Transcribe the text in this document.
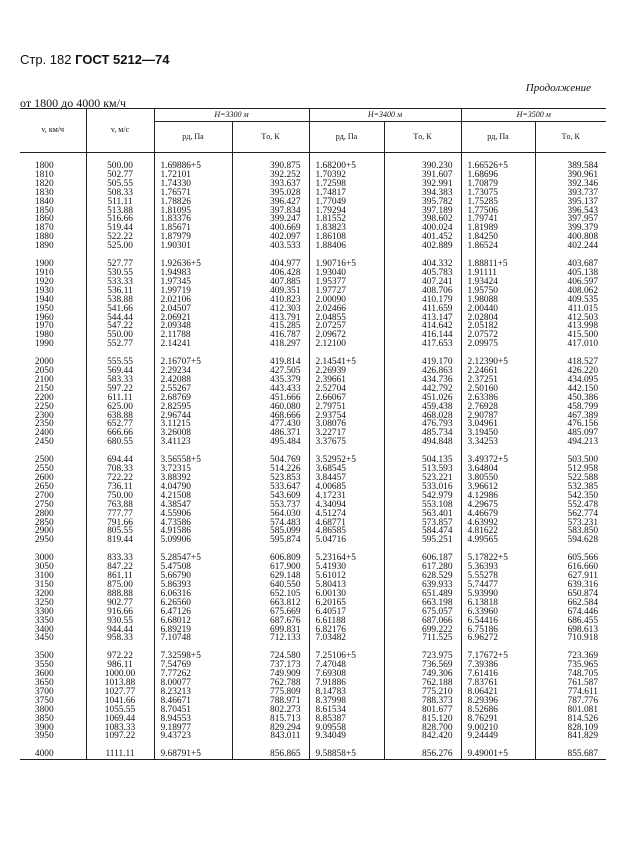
Стр. 182 ГОСТ 5212—74
Продолжение
от 1800 до 4000 км/ч
v, км/ч	v, м/с	H=3300 м		H=3400 м		H=3500 м	
		pд, Па	Tо, К	pд, Па	Tо, К	pд, Па	Tо, К

1800	500.00	1.69886+5	390.875	1.68200+5	390.230	1.66526+5	389.584
1810	502.77	1.72101	392.252	1.70392	391.607	1.68696	390.961
1820	505.55	1.74330	393.637	1.72598	392.991	1.70879	392.346
1830	508.33	1.76571	395.028	1.74817	394.383	1.73075	393.737
1840	511.11	1.78826	396.427	1.77049	395.782	1.75285	395.137
1850	513.88	1.81095	397.834	1.79294	397.189	1.77506	396.543
1860	516.66	1.83376	399.247	1.81552	398.602	1.79741	397.957
1870	519.44	1.85671	400.669	1.83823	400.024	1.81989	399.379
1880	522.22	1.87979	402.097	1.86108	401.452	1.84250	400.808
1890	525.00	1.90301	403.533	1.88406	402.889	1.86524	402.244

1900	527.77	1.92636+5	404.977	1.90716+5	404.332	1.88811+5	403.687
1910	530.55	1.94983	406.428	1.93040	405.783	1.91111	405.138
1920	533.33	1.97345	407.885	1.95377	407.241	1.93424	406.597
1930	536.11	1.99719	409.351	1.97727	408.706	1.95750	408.062
1940	538.88	2.02106	410.823	2.00090	410.179	1.98088	409.535
1950	541.66	2.04507	412.303	2.02466	411.659	2.00440	411.015
1960	544.44	2.06921	413.791	2.04855	413.147	2.02804	412.503
1970	547.22	2.09348	415.285	2.07257	414.642	2.05182	413.998
1980	550.00	2.11788	416.787	2.09672	416.144	2.07572	415.500
1990	552.77	2.14241	418.297	2.12100	417.653	2.09975	417.010

2000	555.55	2.16707+5	419.814	2.14541+5	419.170	2.12390+5	418.527
2050	569.44	2.29234	427.505	2.26939	426.863	2.24661	426.220
2100	583.33	2.42088	435.379	2.39661	434.736	2.37251	434.095
2150	597.22	2.55267	443.433	2.52704	442.792	2.50160	442.150
2200	611.11	2.68769	451.666	2.66067	451.026	2.63386	450.386
2250	625.00	2.82595	460.080	2.79751	459.438	2.76928	458.799
2300	638.88	2.96744	468.666	2.93754	468.028	2.90787	467.389
2350	652.77	3.11215	477.430	3.08076	476.793	3.04961	476.156
2400	666.66	3.26008	486.371	3.22717	485.734	3.19450	485.097
2450	680.55	3.41123	495.484	3.37675	494.848	3.34253	494.213

2500	694.44	3.56558+5	504.769	3.52952+5	504.135	3.49372+5	503.500
2550	708.33	3.72315	514.226	3.68545	513.593	3.64804	512.958
2600	722.22	3.88392	523.853	3.84457	523.221	3.80550	522.588
2650	736.11	4.04790	533.647	4.00685	533.016	3.96612	532.385
2700	750.00	4.21508	543.609	4.17231	542.979	4.12986	542.350
2750	763.88	4.38547	553.737	4.34094	553.108	4.29675	552.478
2800	777.77	4.55906	564.030	4.51274	563.401	4.46679	562.774
2850	791.66	4.73586	574.483	4.68771	573.857	4.63992	573.231
2900	805.55	4.91586	585.099	4.86585	584.474	4.81622	583.850
2950	819.44	5.09906	595.874	5.04716	595.251	4.99565	594.628

3000	833.33	5.28547+5	606.809	5.23164+5	606.187	5.17822+5	605.566
3050	847.22	5.47508	617.900	5.41930	617.280	5.36393	616.660
3100	861.11	5.66790	629.148	5.61012	628.529	5.55278	627.911
3150	875.00	5.86393	640.550	5.80413	639.933	5.74477	639.316
3200	888.88	6.06316	652.105	6.00130	651.489	5.93990	650.874
3250	902.77	6.26560	663.812	6.20165	663.198	6.13818	662.584
3300	916.66	6.47126	675.669	6.40517	675.057	6.33960	674.446
3350	930.55	6.68012	687.676	6.61188	687.066	6.54416	686.455
3400	944.44	6.89219	699.831	6.82176	699.222	6.75186	698.613
3450	958.33	7.10748	712.133	7.03482	711.525	6.96272	710.918

3500	972.22	7.32598+5	724.580	7.25106+5	723.975	7.17672+5	723.369
3550	986.11	7.54769	737.173	7.47048	736.569	7.39386	735.965
3600	1000.00	7.77262	749.909	7.69308	749.306	7.61416	748.705
3650	1013.88	8.00077	762.788	7.91886	762.188	7.83761	761.587
3700	1027.77	8.23213	775.809	8.14783	775.210	8.06421	774.611
3750	1041.66	8.46671	788.971	8.37998	788.373	8.29396	787.776
3800	1055.55	8.70451	802.273	8.61534	801.677	8.52686	801.081
3850	1069.44	8.94553	815.713	8.85387	815.120	8.76291	814.526
3900	1083.33	9.18977	829.294	9.09558	828.700	9.00210	828.109
3950	1097.22	9.43723	843.011	9.34049	842.420	9.24449	841.829

4000	1111.11	9.68791+5	856.865	9.58858+5	856.276	9.49001+5	855.687
